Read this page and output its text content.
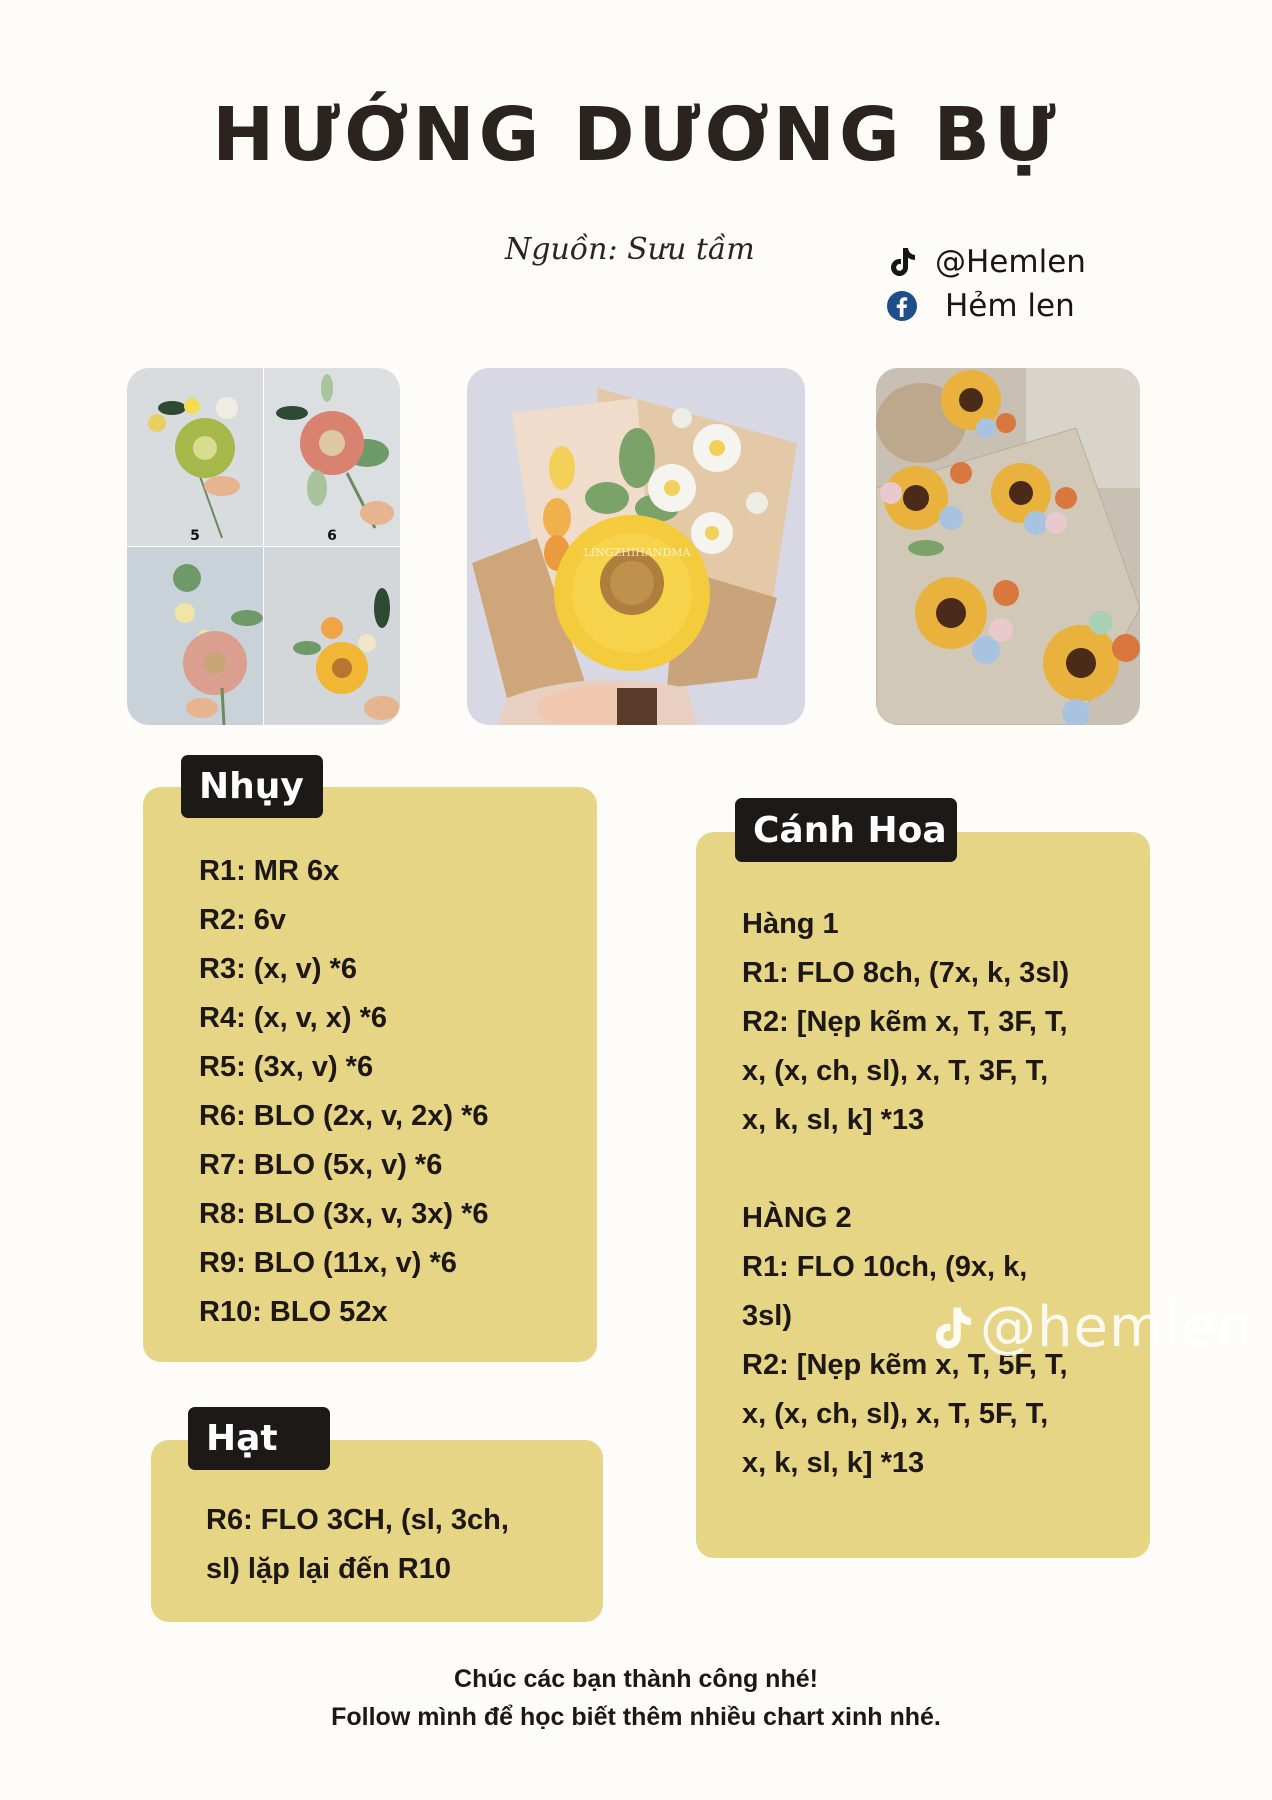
HƯỚNG DƯƠNG BỰ
Nguồn: Sưu tầm	@Hemlen
Hẻm len
5	6
LINGZHIHANDMA
Nhụy
R1: MR 6x
R2: 6v
R3: (x, v) *6
R4: (x, v, x) *6
R5: (3x, v) *6
R6: BLO (2x, v, 2x) *6
R7: BLO (5x, v) *6
R8: BLO (3x, v, 3x) *6
R9: BLO (11x, v) *6
R10: BLO 52x
Hạt
R6: FLO 3CH, (sl, 3ch,
sl) lặp lại đến R10
Cánh Hoa
Hàng 1
R1: FLO 8ch, (7x, k, 3sl)
R2: [Nẹp kẽm x, T, 3F, T,
x, (x, ch, sl), x, T, 3F, T,
x, k, sl, k] *13
HÀNG 2
R1: FLO 10ch, (9x, k,
3sl)
R2: [Nẹp kẽm x, T, 5F, T,
x, (x, ch, sl), x, T, 5F, T,
x, k, sl, k] *13
@hemlen
Chúc các bạn thành công nhé!
Follow mình để học biết thêm nhiều chart xinh nhé.
